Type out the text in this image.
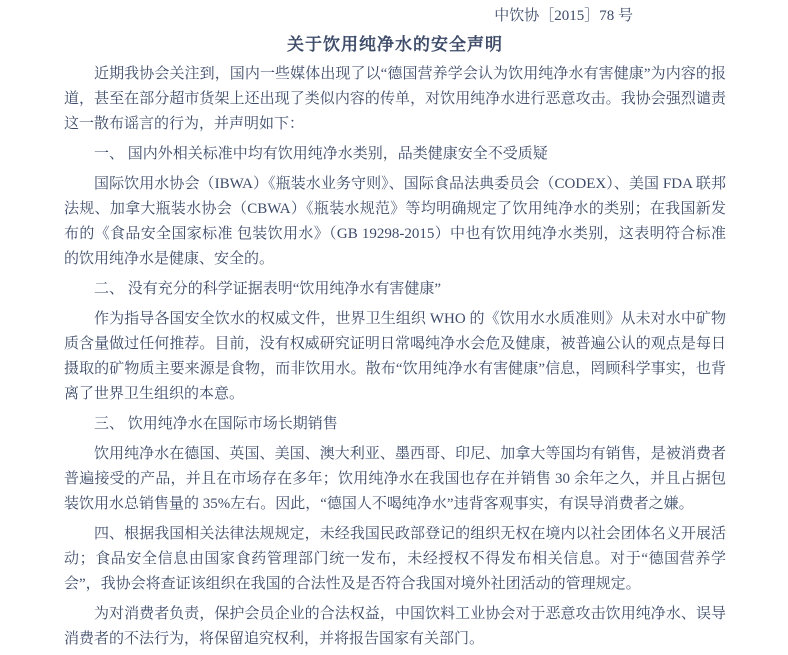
中饮协［2015］78 号
关于饮用纯净水的安全声明

近期我协会关注到，国内一些媒体出现了以“德国营养学会认为饮用纯净水有害健康”为内容的报道，甚至在部分超市货架上还出现了类似内容的传单，对饮用纯净水进行恶意攻击。我协会强烈谴责这一散布谣言的行为，并声明如下：

一、 国内外相关标准中均有饮用纯净水类别，品类健康安全不受质疑

国际饮用水协会（IBWA）《瓶装水业务守则》、国际食品法典委员会（CODEX）、美国 FDA 联邦法规、加拿大瓶装水协会（CBWA）《瓶装水规范》等均明确规定了饮用纯净水的类别；在我国新发布的《食品安全国家标准 包装饮用水》（GB 19298-2015）中也有饮用纯净水类别，这表明符合标准的饮用纯净水是健康、安全的。

二、 没有充分的科学证据表明“饮用纯净水有害健康”

作为指导各国安全饮水的权威文件，世界卫生组织 WHO 的《饮用水水质准则》从未对水中矿物质含量做过任何推荐。目前，没有权威研究证明日常喝纯净水会危及健康，被普遍公认的观点是每日摄取的矿物质主要来源是食物，而非饮用水。散布“饮用纯净水有害健康”信息，罔顾科学事实，也背离了世界卫生组织的本意。

三、 饮用纯净水在国际市场长期销售

饮用纯净水在德国、英国、美国、澳大利亚、墨西哥、印尼、加拿大等国均有销售，是被消费者普遍接受的产品，并且在市场存在多年；饮用纯净水在我国也存在并销售 30 余年之久，并且占据包装饮用水总销售量的 35%左右。因此，“德国人不喝纯净水”违背客观事实，有误导消费者之嫌。

四、根据我国相关法律法规规定，未经我国民政部登记的组织无权在境内以社会团体名义开展活动；食品安全信息由国家食药管理部门统一发布，未经授权不得发布相关信息。对于“德国营养学会”，我协会将查证该组织在我国的合法性及是否符合我国对境外社团活动的管理规定。

为对消费者负责，保护会员企业的合法权益，中国饮料工业协会对于恶意攻击饮用纯净水、误导消费者的不法行为，将保留追究权利，并将报告国家有关部门。
